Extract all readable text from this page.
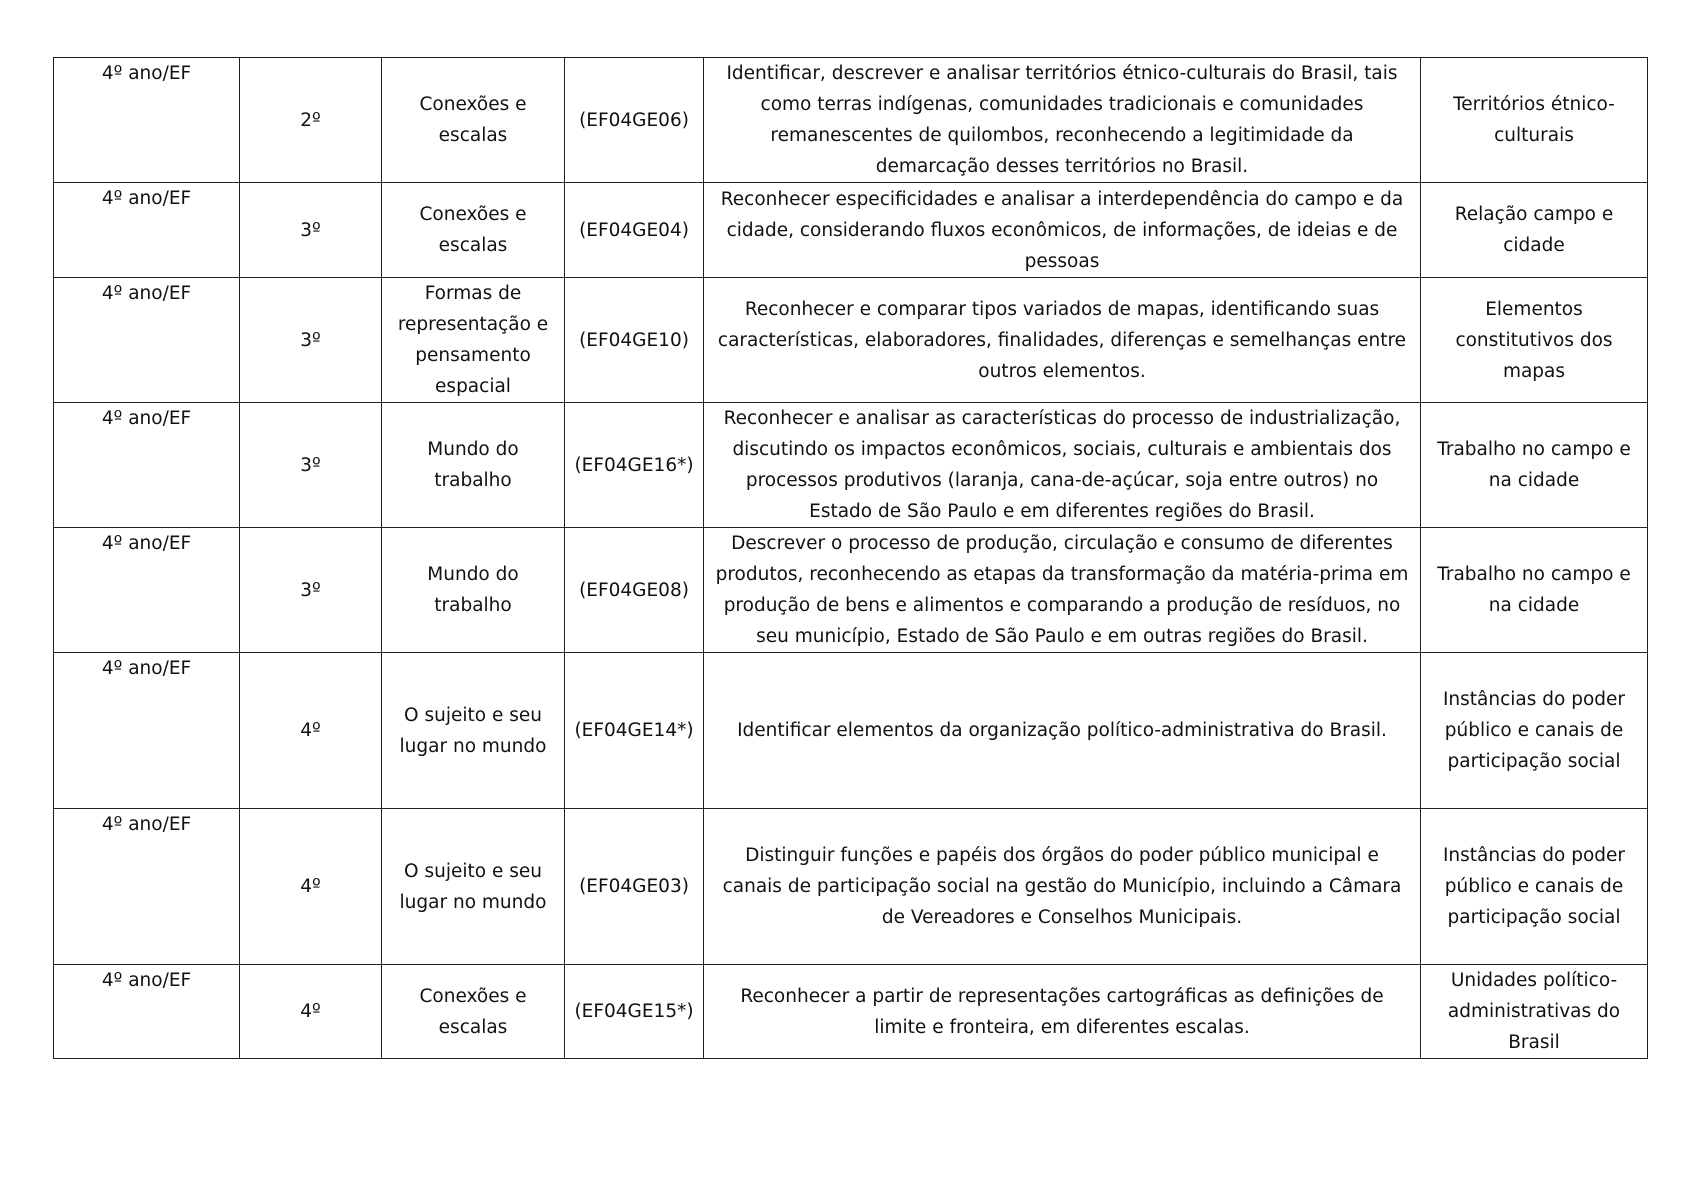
4º ano/EF	2º	Conexões e escalas	(EF04GE06)	Identificar, descrever e analisar territórios étnico-culturais do Brasil, tais como terras indígenas, comunidades tradicionais e comunidades remanescentes de quilombos, reconhecendo a legitimidade da demarcação desses territórios no Brasil.	Territórios étnico-culturais
4º ano/EF	3º	Conexões e escalas	(EF04GE04)	Reconhecer especificidades e analisar a interdependência do campo e da cidade, considerando fluxos econômicos, de informações, de ideias e de pessoas	Relação campo e cidade
4º ano/EF	3º	Formas de representação e pensamento espacial	(EF04GE10)	Reconhecer e comparar tipos variados de mapas, identificando suas características, elaboradores, finalidades, diferenças e semelhanças entre outros elementos.	Elementos constitutivos dos mapas
4º ano/EF	3º	Mundo do trabalho	(EF04GE16*)	Reconhecer e analisar as características do processo de industrialização, discutindo os impactos econômicos, sociais, culturais e ambientais dos processos produtivos (laranja, cana-de-açúcar, soja entre outros) no Estado de São Paulo e em diferentes regiões do Brasil.	Trabalho no campo e na cidade
4º ano/EF	3º	Mundo do trabalho	(EF04GE08)	Descrever o processo de produção, circulação e consumo de diferentes produtos, reconhecendo as etapas da transformação da matéria-prima em produção de bens e alimentos e comparando a produção de resíduos, no seu município, Estado de São Paulo e em outras regiões do Brasil.	Trabalho no campo e na cidade
4º ano/EF	4º	O sujeito e seu lugar no mundo	(EF04GE14*)	Identificar elementos da organização político-administrativa do Brasil.	Instâncias do poder público e canais de participação social
4º ano/EF	4º	O sujeito e seu lugar no mundo	(EF04GE03)	Distinguir funções e papéis dos órgãos do poder público municipal e canais de participação social na gestão do Município, incluindo a Câmara de Vereadores e Conselhos Municipais.	Instâncias do poder público e canais de participação social
4º ano/EF	4º	Conexões e escalas	(EF04GE15*)	Reconhecer a partir de representações cartográficas as definições de limite e fronteira, em diferentes escalas.	Unidades político-administrativas do Brasil
